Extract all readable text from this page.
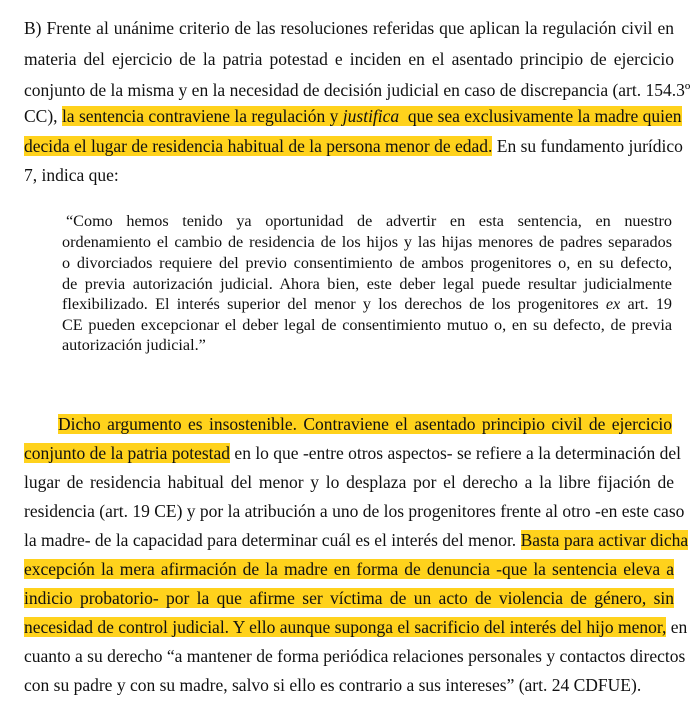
B) Frente al unánime criterio de las resoluciones referidas que aplican la regulación civil en
materia del ejercicio de la patria potestad e inciden en el asentado principio de ejercicio
conjunto de la misma y en la necesidad de decisión judicial en caso de discrepancia (art. 154.3º
CC), la sentencia contraviene la regulación y justifica que sea exclusivamente la madre quien
decida el lugar de residencia habitual de la persona menor de edad. En su fundamento jurídico
7, indica que:
“Como hemos tenido ya oportunidad de advertir en esta sentencia, en nuestro
ordenamiento el cambio de residencia de los hijos y las hijas menores de padres separados
o divorciados requiere del previo consentimiento de ambos progenitores o, en su defecto,
de previa autorización judicial. Ahora bien, este deber legal puede resultar judicialmente
flexibilizado. El interés superior del menor y los derechos de los progenitores ex art. 19
CE pueden excepcionar el deber legal de consentimiento mutuo o, en su defecto, de previa
autorización judicial.”
Dicho argumento es insostenible. Contraviene el asentado principio civil de ejercicio
conjunto de la patria potestad en lo que -entre otros aspectos- se refiere a la determinación del
lugar de residencia habitual del menor y lo desplaza por el derecho a la libre fijación de
residencia (art. 19 CE) y por la atribución a uno de los progenitores frente al otro -en este caso
la madre- de la capacidad para determinar cuál es el interés del menor. Basta para activar dicha
excepción la mera afirmación de la madre en forma de denuncia -que la sentencia eleva a
indicio probatorio- por la que afirme ser víctima de un acto de violencia de género, sin
necesidad de control judicial. Y ello aunque suponga el sacrificio del interés del hijo menor, en
cuanto a su derecho “a mantener de forma periódica relaciones personales y contactos directos
con su padre y con su madre, salvo si ello es contrario a sus intereses” (art. 24 CDFUE).
